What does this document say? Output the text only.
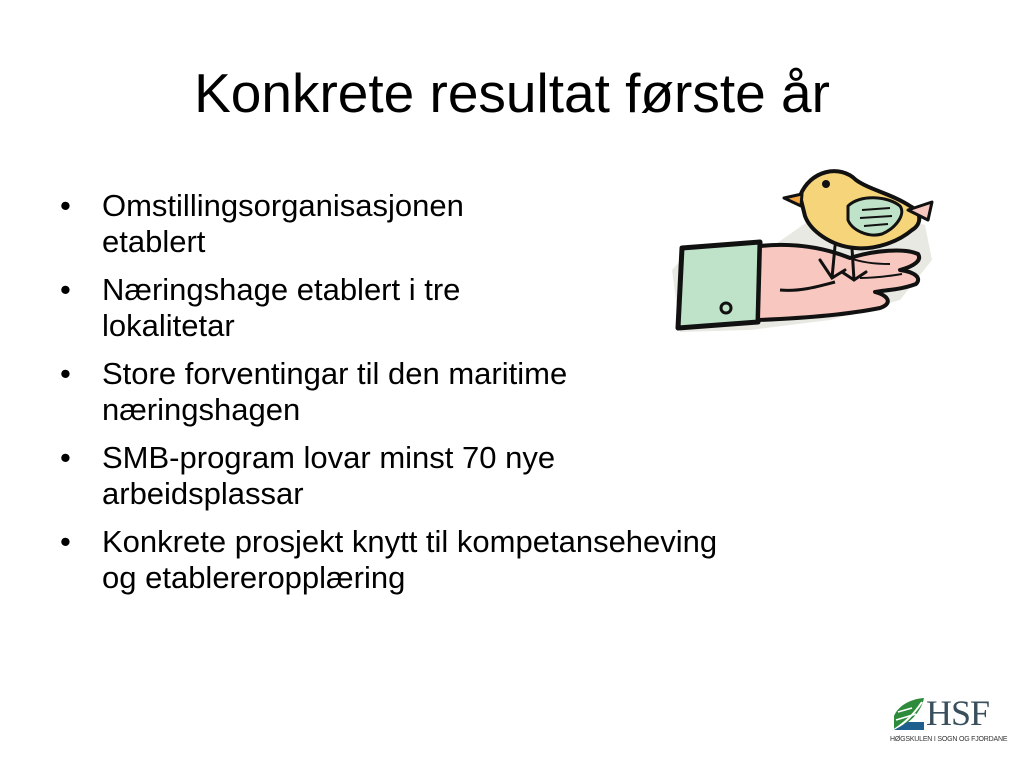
Konkrete resultat første år
• Omstillingsorganisasjonen
etablert
• Næringshage etablert i tre
lokalitetar
• Store forventingar til den maritime
næringshagen
• SMB-program lovar minst 70 nye
arbeidsplassar
• Konkrete prosjekt knytt til kompetanseheving
og etablereropplæring
HSF
HØGSKULEN I SOGN OG FJORDANE
